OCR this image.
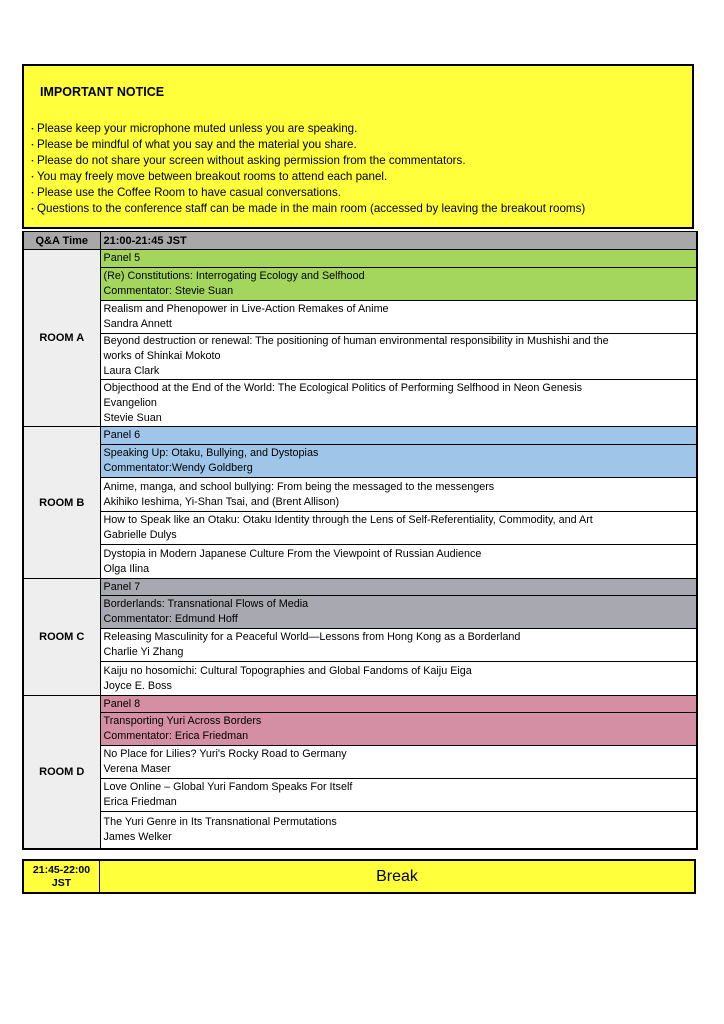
IMPORTANT NOTICE
・ Please keep your microphone muted unless you are speaking.
・ Please be mindful of what you say and the material you share.
・ Please do not share your screen without asking permission from the commentators.
・ You may freely move between breakout rooms to attend each panel.
・ Please use the Coffee Room to have casual conversations.
・ Questions to the conference staff can be made in the main room (accessed by leaving the breakout rooms)
Q&A Time	21:00-21:45 JST
ROOM A	Panel 5

	(Re) Constitutions: Interrogating Ecology and Selfhood
Commentator: Stevie Suan

	Realism and Phenopower in Live-Action Remakes of Anime
Sandra Annett

	Beyond destruction or renewal: The positioning of human environmental responsibility in Mushishi and the
works of Shinkai Mokoto
Laura Clark

	Objecthood at the End of the World: The Ecological Politics of Performing Selfhood in Neon Genesis
Evangelion
Stevie Suan

ROOM B	Panel 6

	Speaking Up: Otaku, Bullying, and Dystopias
Commentator:Wendy Goldberg

	Anime, manga, and school bullying: From being the messaged to the messengers
Akihiko Ieshima, Yi-Shan Tsai, and (Brent Allison)

	How to Speak like an Otaku: Otaku Identity through the Lens of Self-Referentiality, Commodity, and Art
Gabrielle Dulys

	Dystopia in Modern Japanese Culture From the Viewpoint of Russian Audience
Olga Ilina

ROOM C	Panel 7

	Borderlands: Transnational Flows of Media
Commentator: Edmund Hoff

	Releasing Masculinity for a Peaceful World—Lessons from Hong Kong as a Borderland
Charlie Yi Zhang

	Kaiju no hosomichi: Cultural Topographies and Global Fandoms of Kaiju Eiga
Joyce E. Boss

ROOM D	Panel 8

	Transporting Yuri Across Borders
Commentator: Erica Friedman

	No Place for Lilies? Yuri's Rocky Road to Germany
Verena Maser

	Love Online – Global Yuri Fandom Speaks For Itself
Erica Friedman

	The Yuri Genre in Its Transnational Permutations
James Welker
21:45-22:00
JST	Break
